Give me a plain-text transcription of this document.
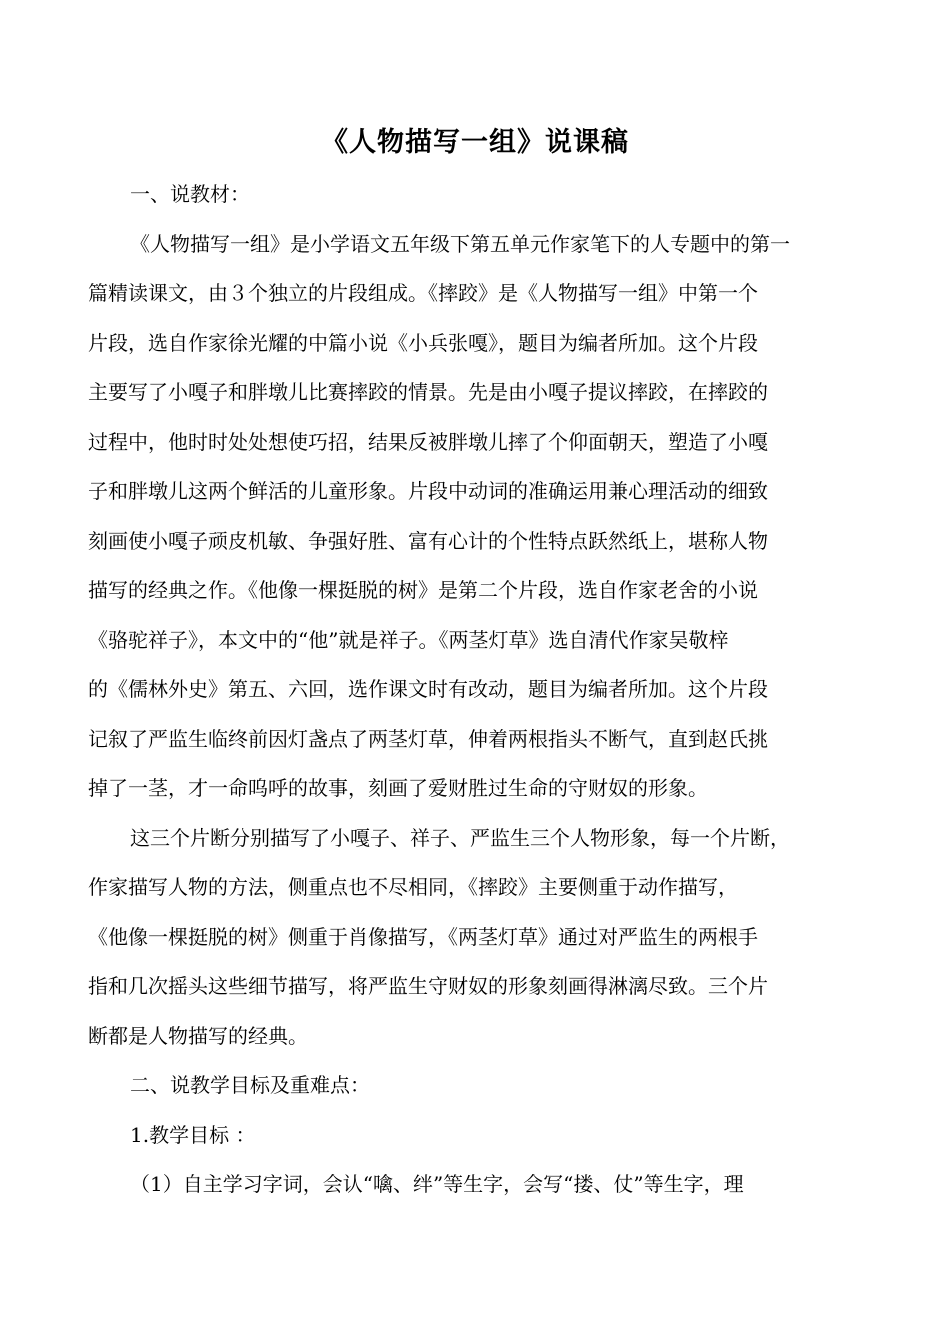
《人物描写一组》说课稿
一、说教材：
《人物描写一组》是小学语文五年级下第五单元作家笔下的人专题中的第一
篇精读课文，由３个独立的片段组成。《摔跤》是《人物描写一组》中第一个
片段，选自作家徐光耀的中篇小说《小兵张嘎》，题目为编者所加。这个片段
主要写了小嘎子和胖墩儿比赛摔跤的情景。先是由小嘎子提议摔跤，在摔跤的
过程中，他时时处处想使巧招，结果反被胖墩儿摔了个仰面朝天，塑造了小嘎
子和胖墩儿这两个鲜活的儿童形象。片段中动词的准确运用兼心理活动的细致
刻画使小嘎子顽皮机敏、争强好胜、富有心计的个性特点跃然纸上，堪称人物
描写的经典之作。《他像一棵挺脱的树》是第二个片段，选自作家老舍的小说
《骆驼祥子》，本文中的“他”就是祥子。《两茎灯草》选自清代作家吴敬梓
的《儒林外史》第五、六回，选作课文时有改动，题目为编者所加。这个片段
记叙了严监生临终前因灯盏点了两茎灯草，伸着两根指头不断气，直到赵氏挑
掉了一茎，才一命呜呼的故事，刻画了爱财胜过生命的守财奴的形象。
这三个片断分别描写了小嘎子、祥子、严监生三个人物形象，每一个片断，
作家描写人物的方法，侧重点也不尽相同，《摔跤》主要侧重于动作描写，
《他像一棵挺脱的树》侧重于肖像描写，《两茎灯草》通过对严监生的两根手
指和几次摇头这些细节描写，将严监生守财奴的形象刻画得淋漓尽致。三个片
断都是人物描写的经典。
二、说教学目标及重难点：
1.教学目标 ：
（1）自主学习字词，会认“噙、绊”等生字，会写“搂、仗”等生字，理
